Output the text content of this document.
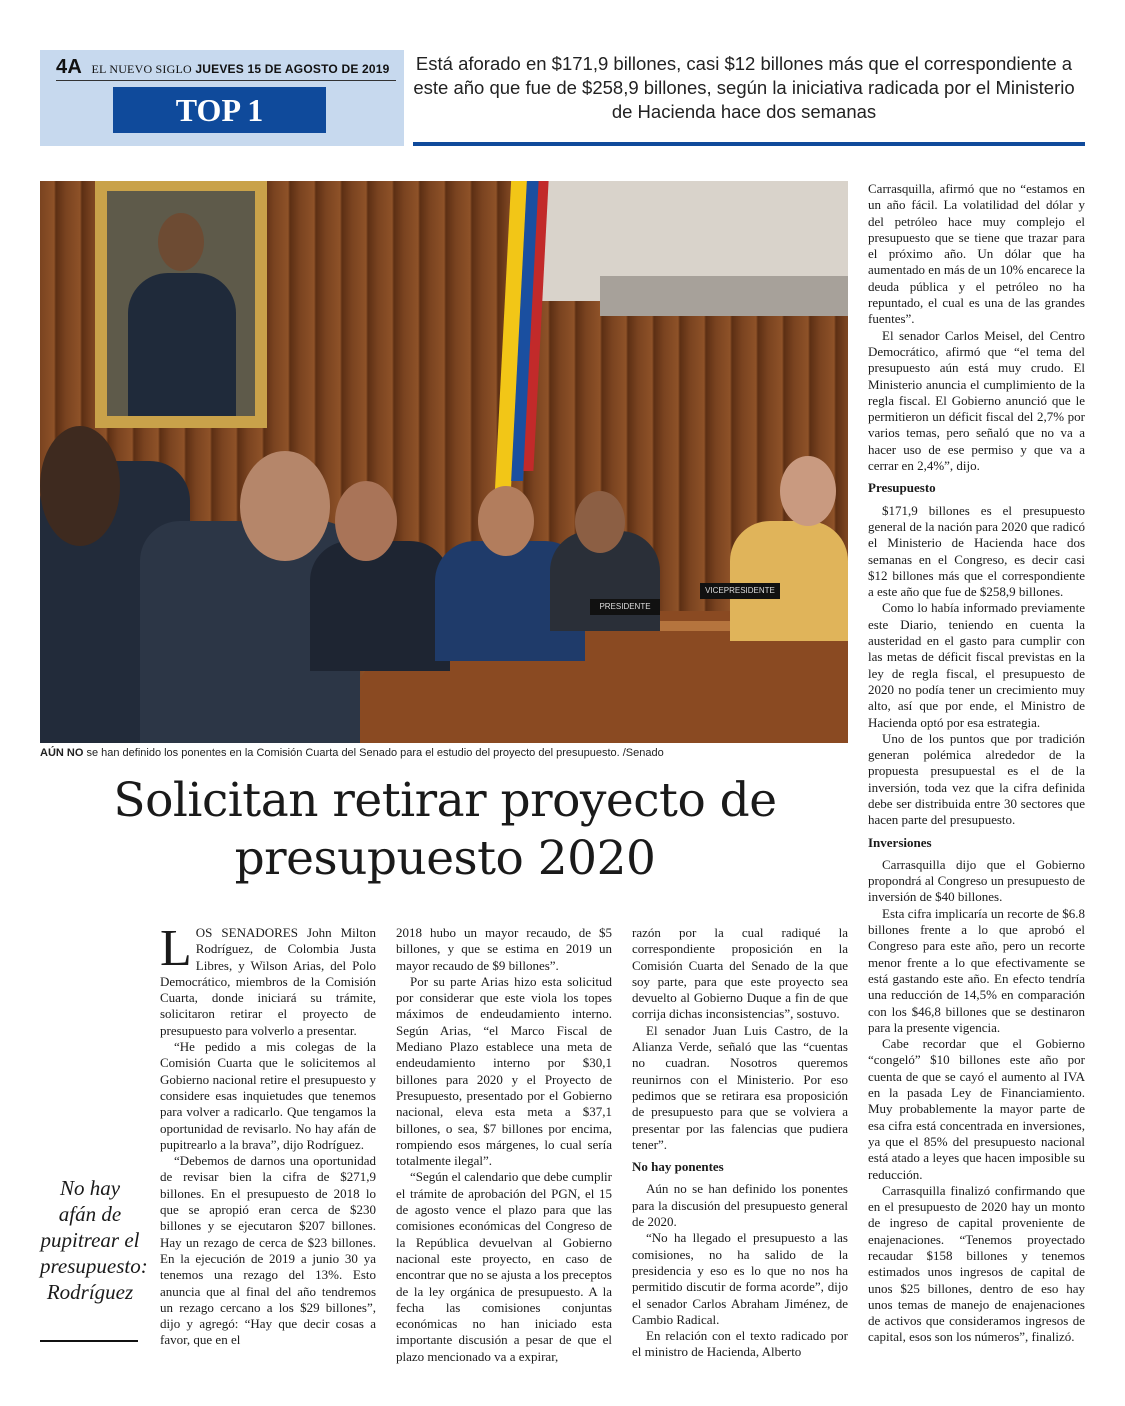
4A EL NUEVO SIGLO JUEVES 15 DE AGOSTO DE 2019
TOP 1
Está aforado en $171,9 billones, casi $12 billones más que el correspondiente a este año que fue de $258,9 billones, según la iniciativa radicada por el Ministerio de Hacienda hace dos semanas
PRESIDENTE
VICEPRESIDENTE
AÚN NO se han definido los ponentes en la Comisión Cuarta del Senado para el estudio del proyecto del presupuesto. /Senado
Solicitan retirar proyecto de presupuesto 2020
No hay afán de pupitrear el presupuesto: Rodríguez

LOS SENADORES John Milton Rodríguez, de Colombia Justa Libres, y Wilson Arias, del Polo Democrático, miembros de la Comisión Cuarta, donde iniciará su trámite, solicitaron retirar el proyecto de presupuesto para volverlo a presentar.

“He pedido a mis colegas de la Comisión Cuarta que le solicitemos al Gobierno nacional retire el presupuesto y considere esas inquietudes que tenemos para volver a radicarlo. Que tengamos la oportunidad de revisarlo. No hay afán de pupitrearlo a la brava”, dijo Rodríguez.

“Debemos de darnos una oportunidad de revisar bien la cifra de $271,9 billones. En el presupuesto de 2018 lo que se apropió eran cerca de $230 billones y se ejecutaron $207 billones. Hay un rezago de cerca de $23 billones. En la ejecución de 2019 a junio 30 ya tenemos una rezago del 13%. Esto anuncia que al final del año tendremos un rezago cercano a los $29 billones”, dijo y agregó: “Hay que decir cosas a favor, que en el

2018 hubo un mayor recaudo, de $5 billones, y que se estima en 2019 un mayor recaudo de $9 billones”.

Por su parte Arias hizo esta solicitud por considerar que este viola los topes máximos de endeudamiento interno. Según Arias, “el Marco Fiscal de Mediano Plazo establece una meta de endeudamiento interno por $30,1 billones para 2020 y el Proyecto de Presupuesto, presentado por el Gobierno nacional, eleva esta meta a $37,1 billones, o sea, $7 billones por encima, rompiendo esos márgenes, lo cual sería totalmente ilegal”.

“Según el calendario que debe cumplir el trámite de aprobación del PGN, el 15 de agosto vence el plazo para que las comisiones económicas del Congreso de la República devuelvan al Gobierno nacional este proyecto, en caso de encontrar que no se ajusta a los preceptos de la ley orgánica de presupuesto. A la fecha las comisiones conjuntas económicas no han iniciado esta importante discusión a pesar de que el plazo mencionado va a expirar,

razón por la cual radiqué la correspondiente proposición en la Comisión Cuarta del Senado de la que soy parte, para que este proyecto sea devuelto al Gobierno Duque a fin de que corrija dichas inconsistencias”, sostuvo.

El senador Juan Luis Castro, de la Alianza Verde, señaló que las “cuentas no cuadran. Nosotros queremos reunirnos con el Ministerio. Por eso pedimos que se retirara esa proposición de presupuesto para que se volviera a presentar por las falencias que pudiera tener”.

No hay ponentes

Aún no se han definido los ponentes para la discusión del presupuesto general de 2020.

“No ha llegado el presupuesto a las comisiones, no ha salido de la presidencia y eso es lo que no nos ha permitido discutir de forma acorde”, dijo el senador Carlos Abraham Jiménez, de Cambio Radical.

En relación con el texto radicado por el ministro de Hacienda, Alberto

Carrasquilla, afirmó que no “estamos en un año fácil. La volatilidad del dólar y del petróleo hace muy complejo el presupuesto que se tiene que trazar para el próximo año. Un dólar que ha aumentado en más de un 10% encarece la deuda pública y el petróleo no ha repuntado, el cual es una de las grandes fuentes”.

El senador Carlos Meisel, del Centro Democrático, afirmó que “el tema del presupuesto aún está muy crudo. El Ministerio anuncia el cumplimiento de la regla fiscal. El Gobierno anunció que le permitieron un déficit fiscal del 2,7% por varios temas, pero señaló que no va a hacer uso de ese permiso y que va a cerrar en 2,4%”, dijo.

Presupuesto

$171,9 billones es el presupuesto general de la nación para 2020 que radicó el Ministerio de Hacienda hace dos semanas en el Congreso, es decir casi $12 billones más que el correspondiente a este año que fue de $258,9 billones.

Como lo había informado previamente este Diario, teniendo en cuenta la austeridad en el gasto para cumplir con las metas de déficit fiscal previstas en la ley de regla fiscal, el presupuesto de 2020 no podía tener un crecimiento muy alto, así que por ende, el Ministro de Hacienda optó por esa estrategia.

Uno de los puntos que por tradición generan polémica alrededor de la propuesta presupuestal es el de la inversión, toda vez que la cifra definida debe ser distribuida entre 30 sectores que hacen parte del presupuesto.

Inversiones

Carrasquilla dijo que el Gobierno propondrá al Congreso un presupuesto de inversión de $40 billones.

Esta cifra implicaría un recorte de $6.8 billones frente a lo que aprobó el Congreso para este año, pero un recorte menor frente a lo que efectivamente se está gastando este año. En efecto tendría una reducción de 14,5% en comparación con los $46,8 billones que se destinaron para la presente vigencia.

Cabe recordar que el Gobierno “congeló” $10 billones este año por cuenta de que se cayó el aumento al IVA en la pasada Ley de Financiamiento. Muy probablemente la mayor parte de esa cifra está concentrada en inversiones, ya que el 85% del presupuesto nacional está atado a leyes que hacen imposible su reducción.

Carrasquilla finalizó confirmando que en el presupuesto de 2020 hay un monto de ingreso de capital proveniente de enajenaciones. “Tenemos proyectado recaudar $158 billones y tenemos estimados unos ingresos de capital de unos $25 billones, dentro de eso hay unos temas de manejo de enajenaciones de activos que consideramos ingresos de capital, esos son los números”, finalizó.
